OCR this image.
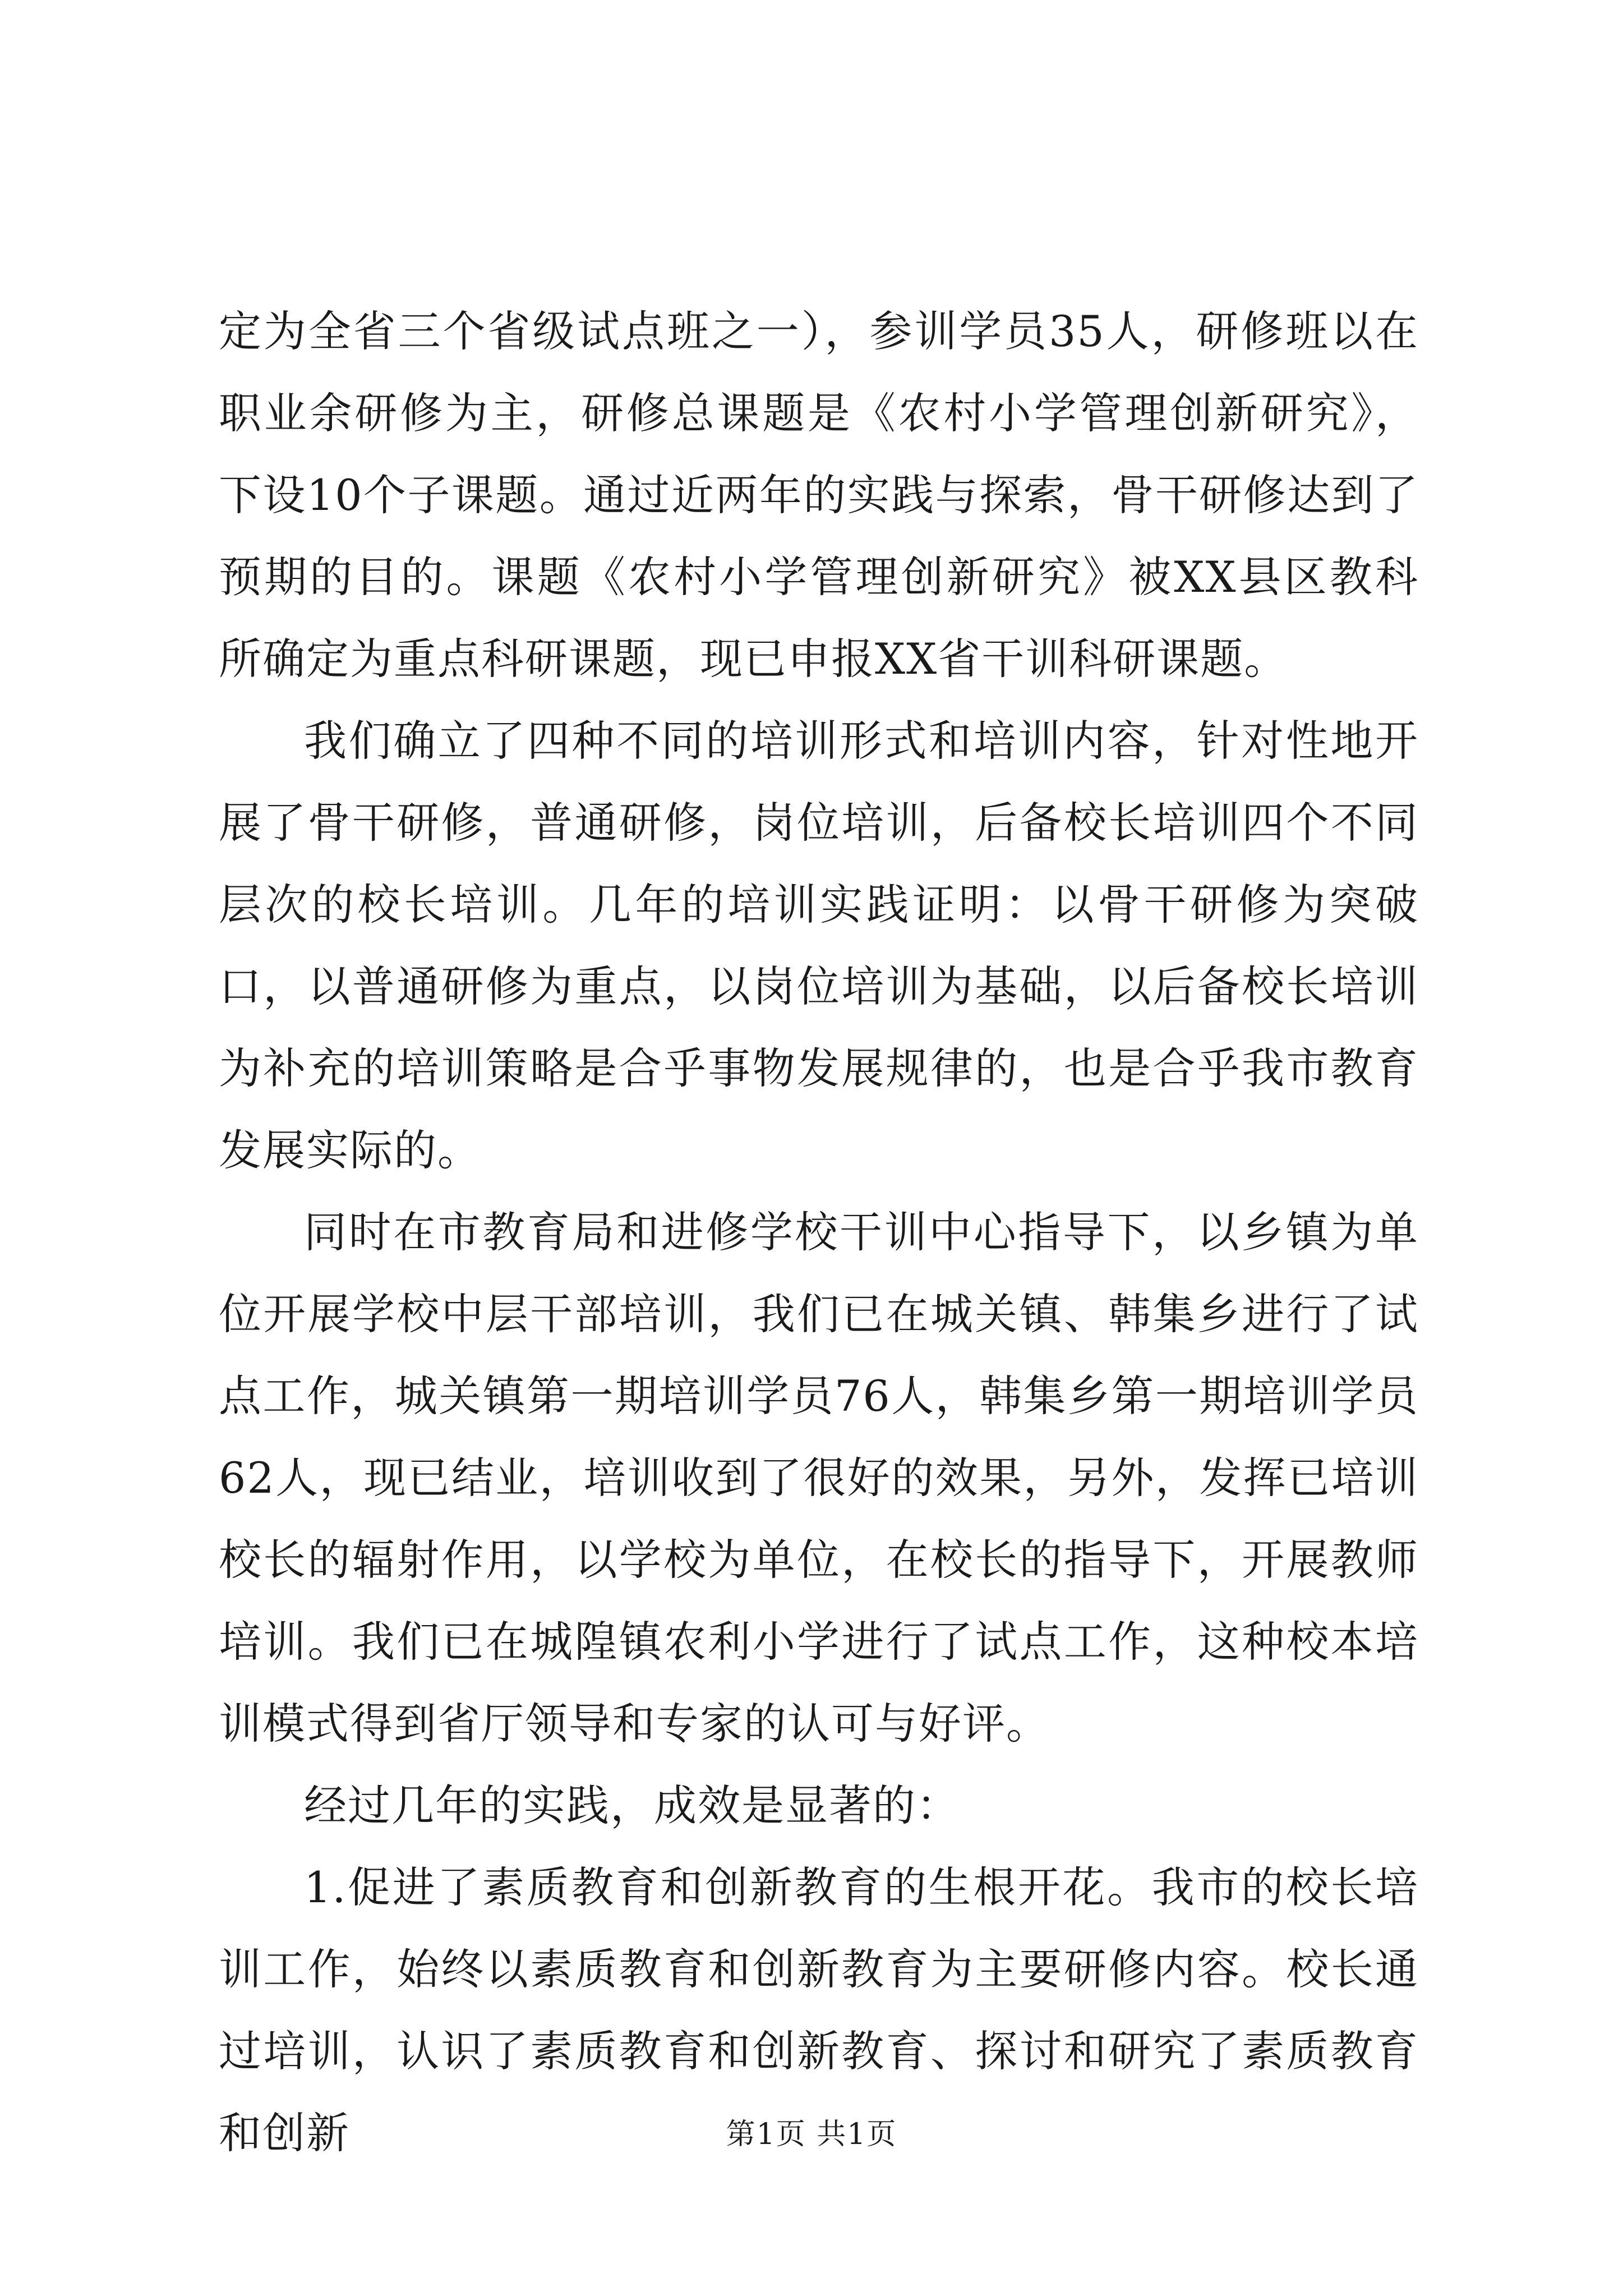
定为全省三个省级试点班之一），参训学员35人，研修班以在职业余研修为主，研修总课题是《农村小学管理创新研究》，下设10个子课题。通过近两年的实践与探索，骨干研修达到了预期的目的。课题《农村小学管理创新研究》被XX县区教科所确定为重点科研课题，现已申报XX省干训科研课题。

我们确立了四种不同的培训形式和培训内容，针对性地开展了骨干研修，普通研修，岗位培训，后备校长培训四个不同层次的校长培训。几年的培训实践证明：以骨干研修为突破口，以普通研修为重点，以岗位培训为基础，以后备校长培训为补充的培训策略是合乎事物发展规律的，也是合乎我市教育发展实际的。

同时在市教育局和进修学校干训中心指导下，以乡镇为单位开展学校中层干部培训，我们已在城关镇、韩集乡进行了试点工作，城关镇第一期培训学员76人，韩集乡第一期培训学员62人，现已结业，培训收到了很好的效果，另外，发挥已培训校长的辐射作用，以学校为单位，在校长的指导下，开展教师培训。我们已在城隍镇农利小学进行了试点工作，这种校本培训模式得到省厅领导和专家的认可与好评。

经过几年的实践，成效是显著的：

1.促进了素质教育和创新教育的生根开花。我市的校长培训工作，始终以素质教育和创新教育为主要研修内容。校长通过培训，认识了素质教育和创新教育、探讨和研究了素质教育和创新	第1页 共1页
